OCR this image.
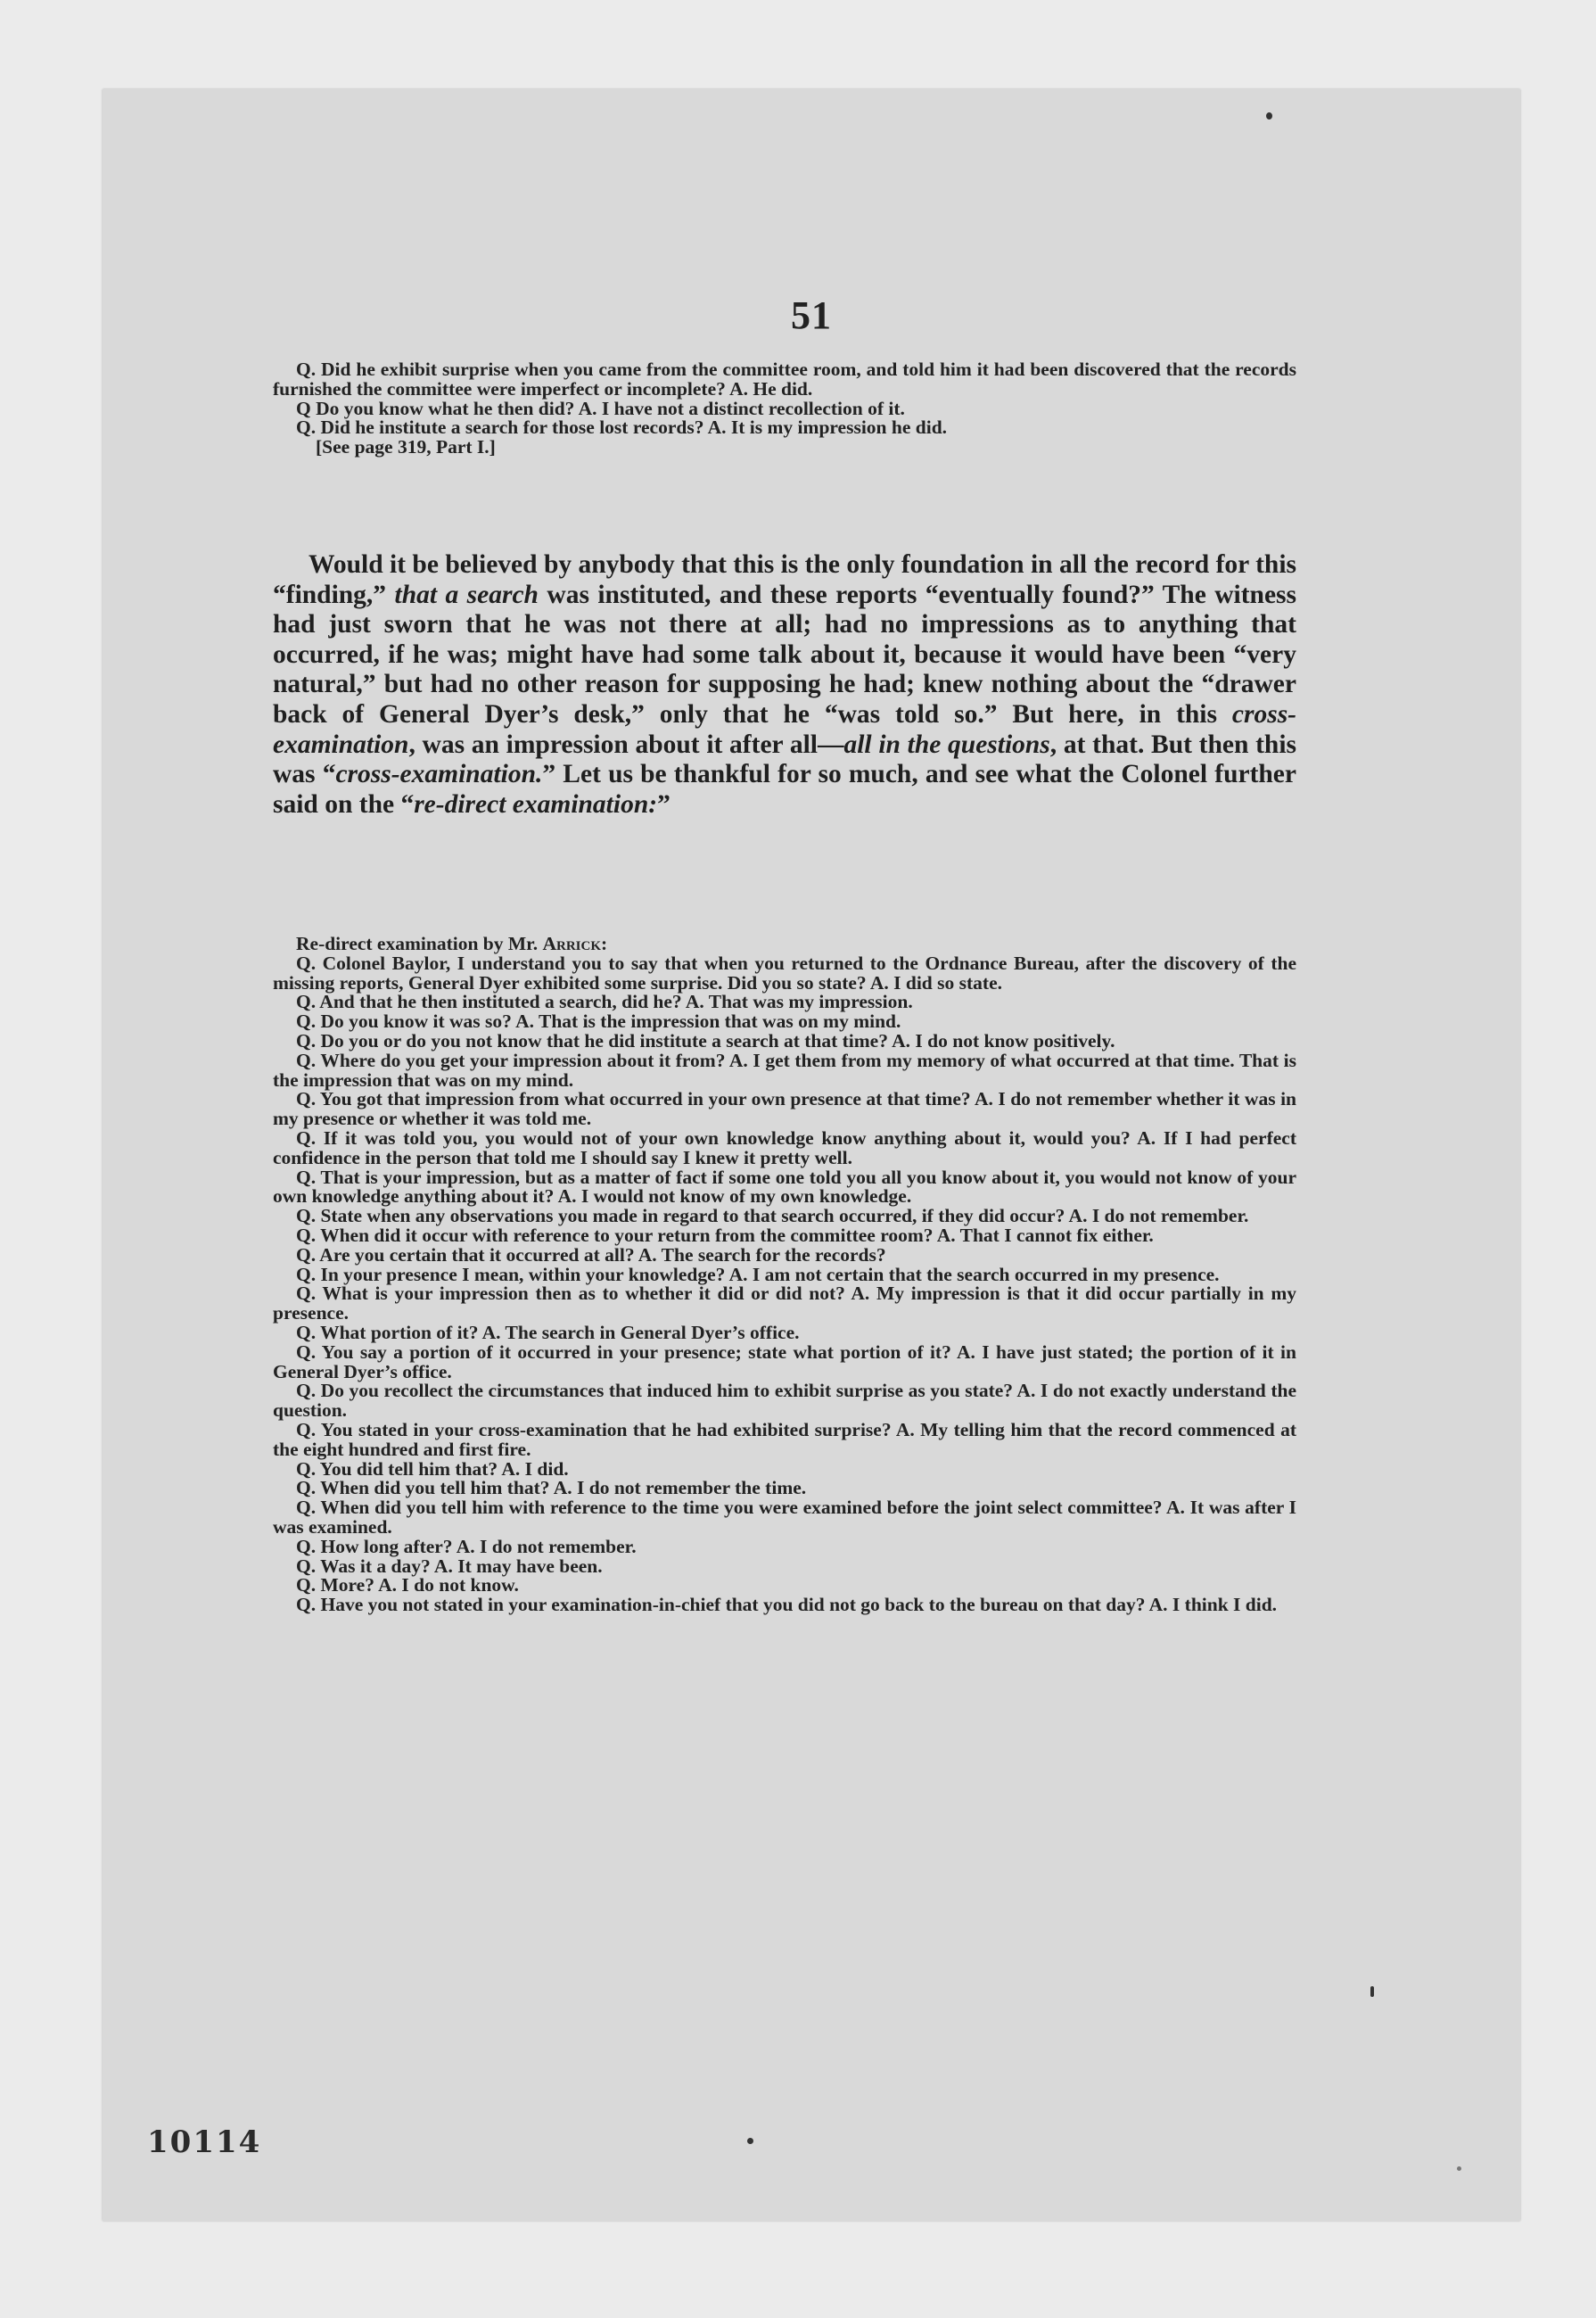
51

Q. Did he exhibit surprise when you came from the committee room, and told him it had been discovered that the records furnished the committee were imperfect or incomplete? A. He did.

Q Do you know what he then did? A. I have not a distinct recollection of it.

Q. Did he institute a search for those lost records? A. It is my impression he did.

[See page 319, Part I.]

Would it be believed by anybody that this is the only foundation in all the record for this “finding,” that a search was instituted, and these reports “eventually found?” The witness had just sworn that he was not there at all; had no impressions as to anything that occurred, if he was; might have had some talk about it, because it would have been “very natural,” but had no other reason for supposing he had; knew nothing about the “drawer back of General Dyer’s desk,” only that he “was told so.” But here, in this cross-examination, was an impression about it after all—all in the questions, at that. But then this was “cross-examination.” Let us be thankful for so much, and see what the Colonel further said on the “re-direct examination:”

Re-direct examination by Mr. Arrick:

Q. Colonel Baylor, I understand you to say that when you returned to the Ordnance Bureau, after the discovery of the missing reports, General Dyer exhibited some surprise. Did you so state? A. I did so state.

Q. And that he then instituted a search, did he? A. That was my impression.

Q. Do you know it was so? A. That is the impression that was on my mind.

Q. Do you or do you not know that he did institute a search at that time? A. I do not know positively.

Q. Where do you get your impression about it from? A. I get them from my memory of what occurred at that time. That is the impression that was on my mind.

Q. You got that impression from what occurred in your own presence at that time? A. I do not remember whether it was in my presence or whether it was told me.

Q. If it was told you, you would not of your own knowledge know anything about it, would you? A. If I had perfect confidence in the person that told me I should say I knew it pretty well.

Q. That is your impression, but as a matter of fact if some one told you all you know about it, you would not know of your own knowledge anything about it? A. I would not know of my own knowledge.

Q. State when any observations you made in regard to that search occurred, if they did occur? A. I do not remember.

Q. When did it occur with reference to your return from the committee room? A. That I cannot fix either.

Q. Are you certain that it occurred at all? A. The search for the records?

Q. In your presence I mean, within your knowledge? A. I am not certain that the search occurred in my presence.

Q. What is your impression then as to whether it did or did not? A. My impression is that it did occur partially in my presence.

Q. What portion of it? A. The search in General Dyer’s office.

Q. You say a portion of it occurred in your presence; state what portion of it? A. I have just stated; the portion of it in General Dyer’s office.

Q. Do you recollect the circumstances that induced him to exhibit surprise as you state? A. I do not exactly understand the question.

Q. You stated in your cross-examination that he had exhibited surprise? A. My telling him that the record commenced at the eight hundred and first fire.

Q. You did tell him that? A. I did.

Q. When did you tell him that? A. I do not remember the time.

Q. When did you tell him with reference to the time you were examined before the joint select committee? A. It was after I was examined.

Q. How long after? A. I do not remember.

Q. Was it a day? A. It may have been.

Q. More? A. I do not know.

Q. Have you not stated in your examination-in-chief that you did not go back to the bureau on that day? A. I think I did.

10114
